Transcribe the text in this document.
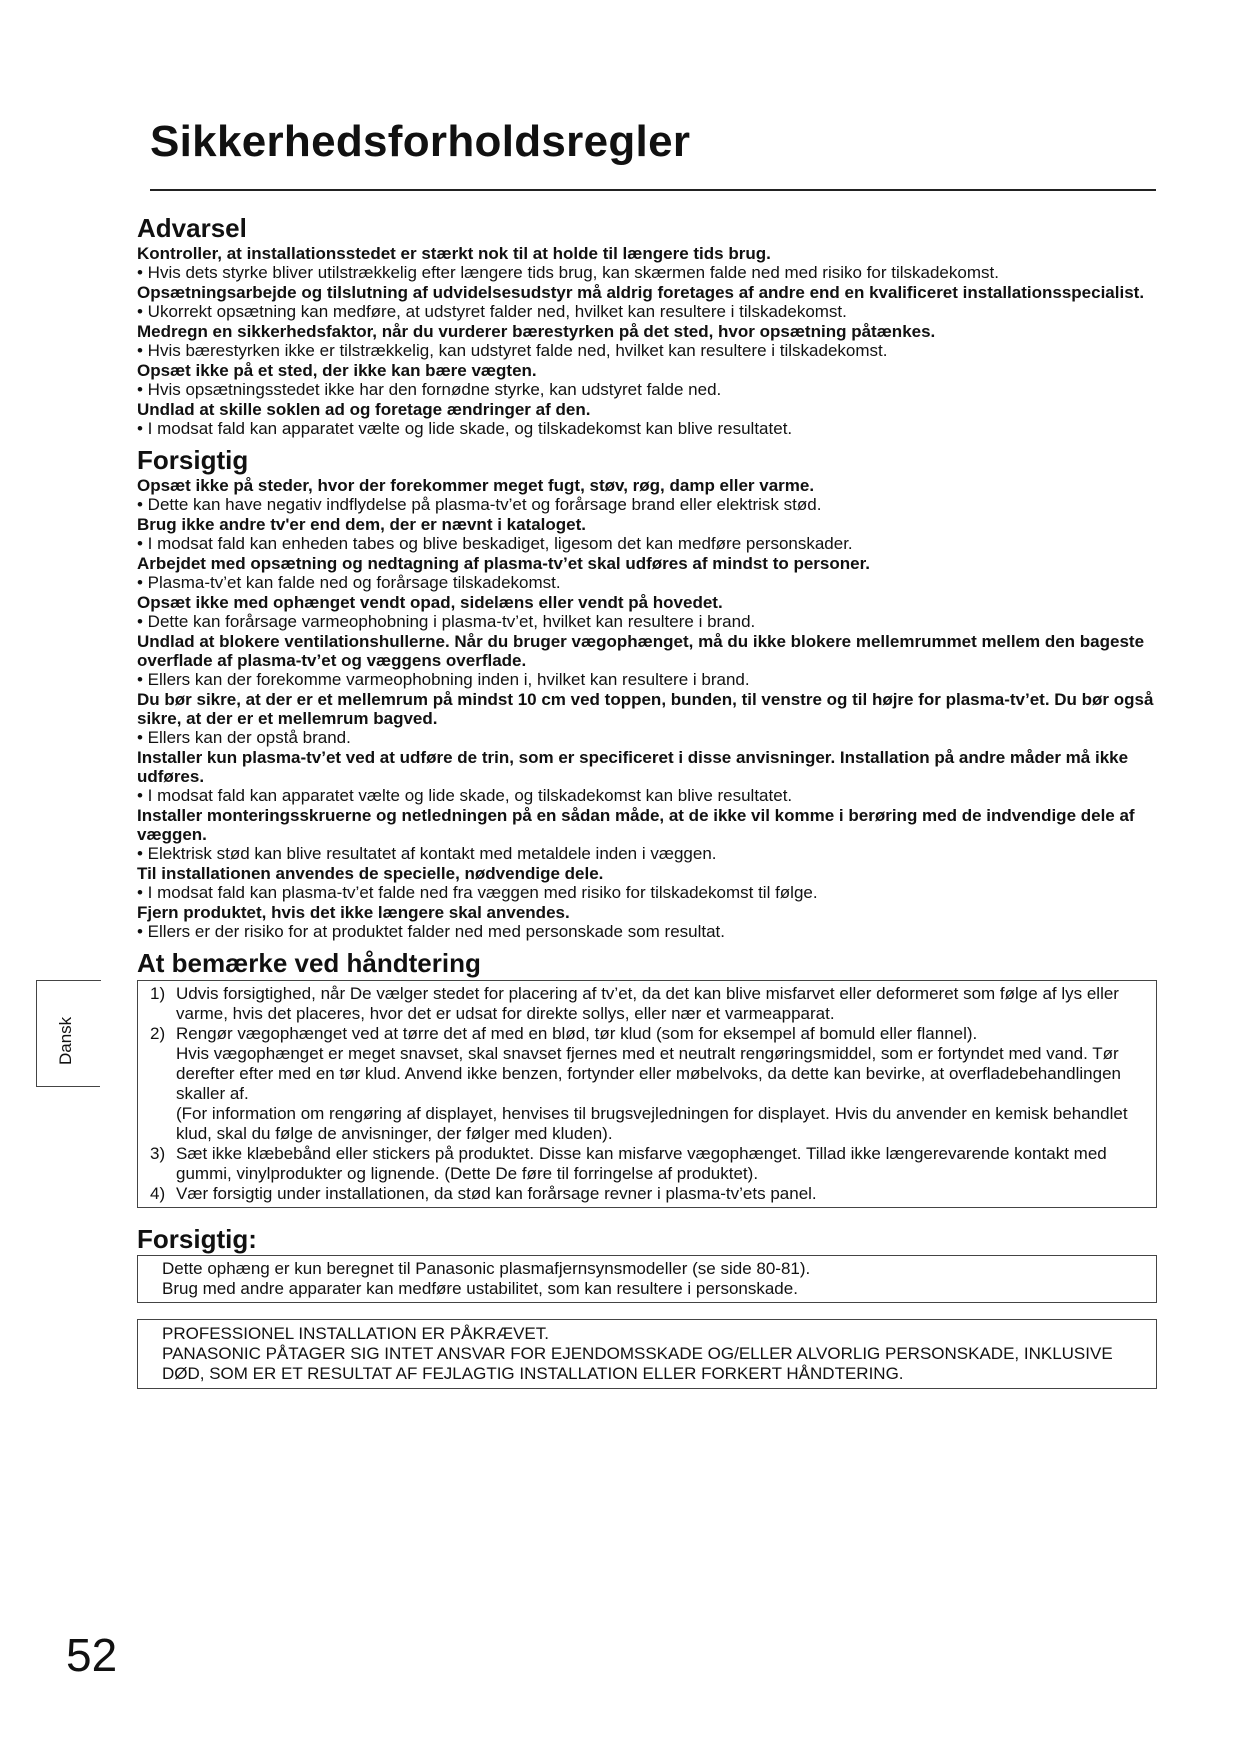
Sikkerhedsforholdsregler
Advarsel
Kontroller, at installationsstedet er stærkt nok til at holde til længere tids brug.
• Hvis dets styrke bliver utilstrækkelig efter længere tids brug, kan skærmen falde ned med risiko for tilskadekomst.
Opsætningsarbejde og tilslutning af udvidelsesudstyr må aldrig foretages af andre end en kvalificeret installationsspecialist.
• Ukorrekt opsætning kan medføre, at udstyret falder ned, hvilket kan resultere i tilskadekomst.
Medregn en sikkerhedsfaktor, når du vurderer bærestyrken på det sted, hvor opsætning påtænkes.
• Hvis bærestyrken ikke er tilstrækkelig, kan udstyret falde ned, hvilket kan resultere i tilskadekomst.
Opsæt ikke på et sted, der ikke kan bære vægten.
• Hvis opsætningsstedet ikke har den fornødne styrke, kan udstyret falde ned.
Undlad at skille soklen ad og foretage ændringer af den.
• I modsat fald kan apparatet vælte og lide skade, og tilskadekomst kan blive resultatet.
Forsigtig
Opsæt ikke på steder, hvor der forekommer meget fugt, støv, røg, damp eller varme.
• Dette kan have negativ indflydelse på plasma-tv’et og forårsage brand eller elektrisk stød.
Brug ikke andre tv'er end dem, der er nævnt i kataloget.
• I modsat fald kan enheden tabes og blive beskadiget, ligesom det kan medføre personskader.
Arbejdet med opsætning og nedtagning af plasma-tv’et skal udføres af mindst to personer.
• Plasma-tv’et kan falde ned og forårsage tilskadekomst.
Opsæt ikke med ophænget vendt opad, sidelæns eller vendt på hovedet.
• Dette kan forårsage varmeophobning i plasma-tv’et, hvilket kan resultere i brand.
Undlad at blokere ventilationshullerne. Når du bruger vægophænget, må du ikke blokere mellemrummet mellem den bageste overflade af plasma-tv’et og væggens overflade.
• Ellers kan der forekomme varmeophobning inden i, hvilket kan resultere i brand.
Du bør sikre, at der er et mellemrum på mindst 10 cm ved toppen, bunden, til venstre og til højre for plasma-tv’et. Du bør også sikre, at der er et mellemrum bagved.
• Ellers kan der opstå brand.
Installer kun plasma-tv’et ved at udføre de trin, som er specificeret i disse anvisninger. Installation på andre måder må ikke udføres.
• I modsat fald kan apparatet vælte og lide skade, og tilskadekomst kan blive resultatet.
Installer monteringsskruerne og netledningen på en sådan måde, at de ikke vil komme i berøring med de indvendige dele af væggen.
• Elektrisk stød kan blive resultatet af kontakt med metaldele inden i væggen.
Til installationen anvendes de specielle, nødvendige dele.
• I modsat fald kan plasma-tv’et falde ned fra væggen med risiko for tilskadekomst til følge.
Fjern produktet, hvis det ikke længere skal anvendes.
• Ellers er der risiko for at produktet falder ned med personskade som resultat.
At bemærke ved håndtering
1) Udvis forsigtighed, når De vælger stedet for placering af tv’et, da det kan blive misfarvet eller deformeret som følge af lys eller varme, hvis det placeres, hvor det er udsat for direkte sollys, eller nær et varmeapparat.
2) Rengør vægophænget ved at tørre det af med en blød, tør klud (som for eksempel af bomuld eller flannel).
Hvis vægophænget er meget snavset, skal snavset fjernes med et neutralt rengøringsmiddel, som er fortyndet med vand. Tør derefter efter med en tør klud. Anvend ikke benzen, fortynder eller møbelvoks, da dette kan bevirke, at overfladebehandlingen skaller af.
(For information om rengøring af displayet, henvises til brugsvejledningen for displayet. Hvis du anvender en kemisk behandlet klud, skal du følge de anvisninger, der følger med kluden).
3) Sæt ikke klæbebånd eller stickers på produktet. Disse kan misfarve vægophænget. Tillad ikke længerevarende kontakt med gummi, vinylprodukter og lignende. (Dette De føre til forringelse af produktet).
4) Vær forsigtig under installationen, da stød kan forårsage revner i plasma-tv’ets panel.
Forsigtig:
Dette ophæng er kun beregnet til Panasonic plasmafjernsynsmodeller (se side 80-81).
Brug med andre apparater kan medføre ustabilitet, som kan resultere i personskade.
PROFESSIONEL INSTALLATION ER PÅKRÆVET.
PANASONIC PÅTAGER SIG INTET ANSVAR FOR EJENDOMSSKADE OG/ELLER ALVORLIG PERSONSKADE, INKLUSIVE DØD, SOM ER ET RESULTAT AF FEJLAGTIG INSTALLATION ELLER FORKERT HÅNDTERING.
Dansk
52
